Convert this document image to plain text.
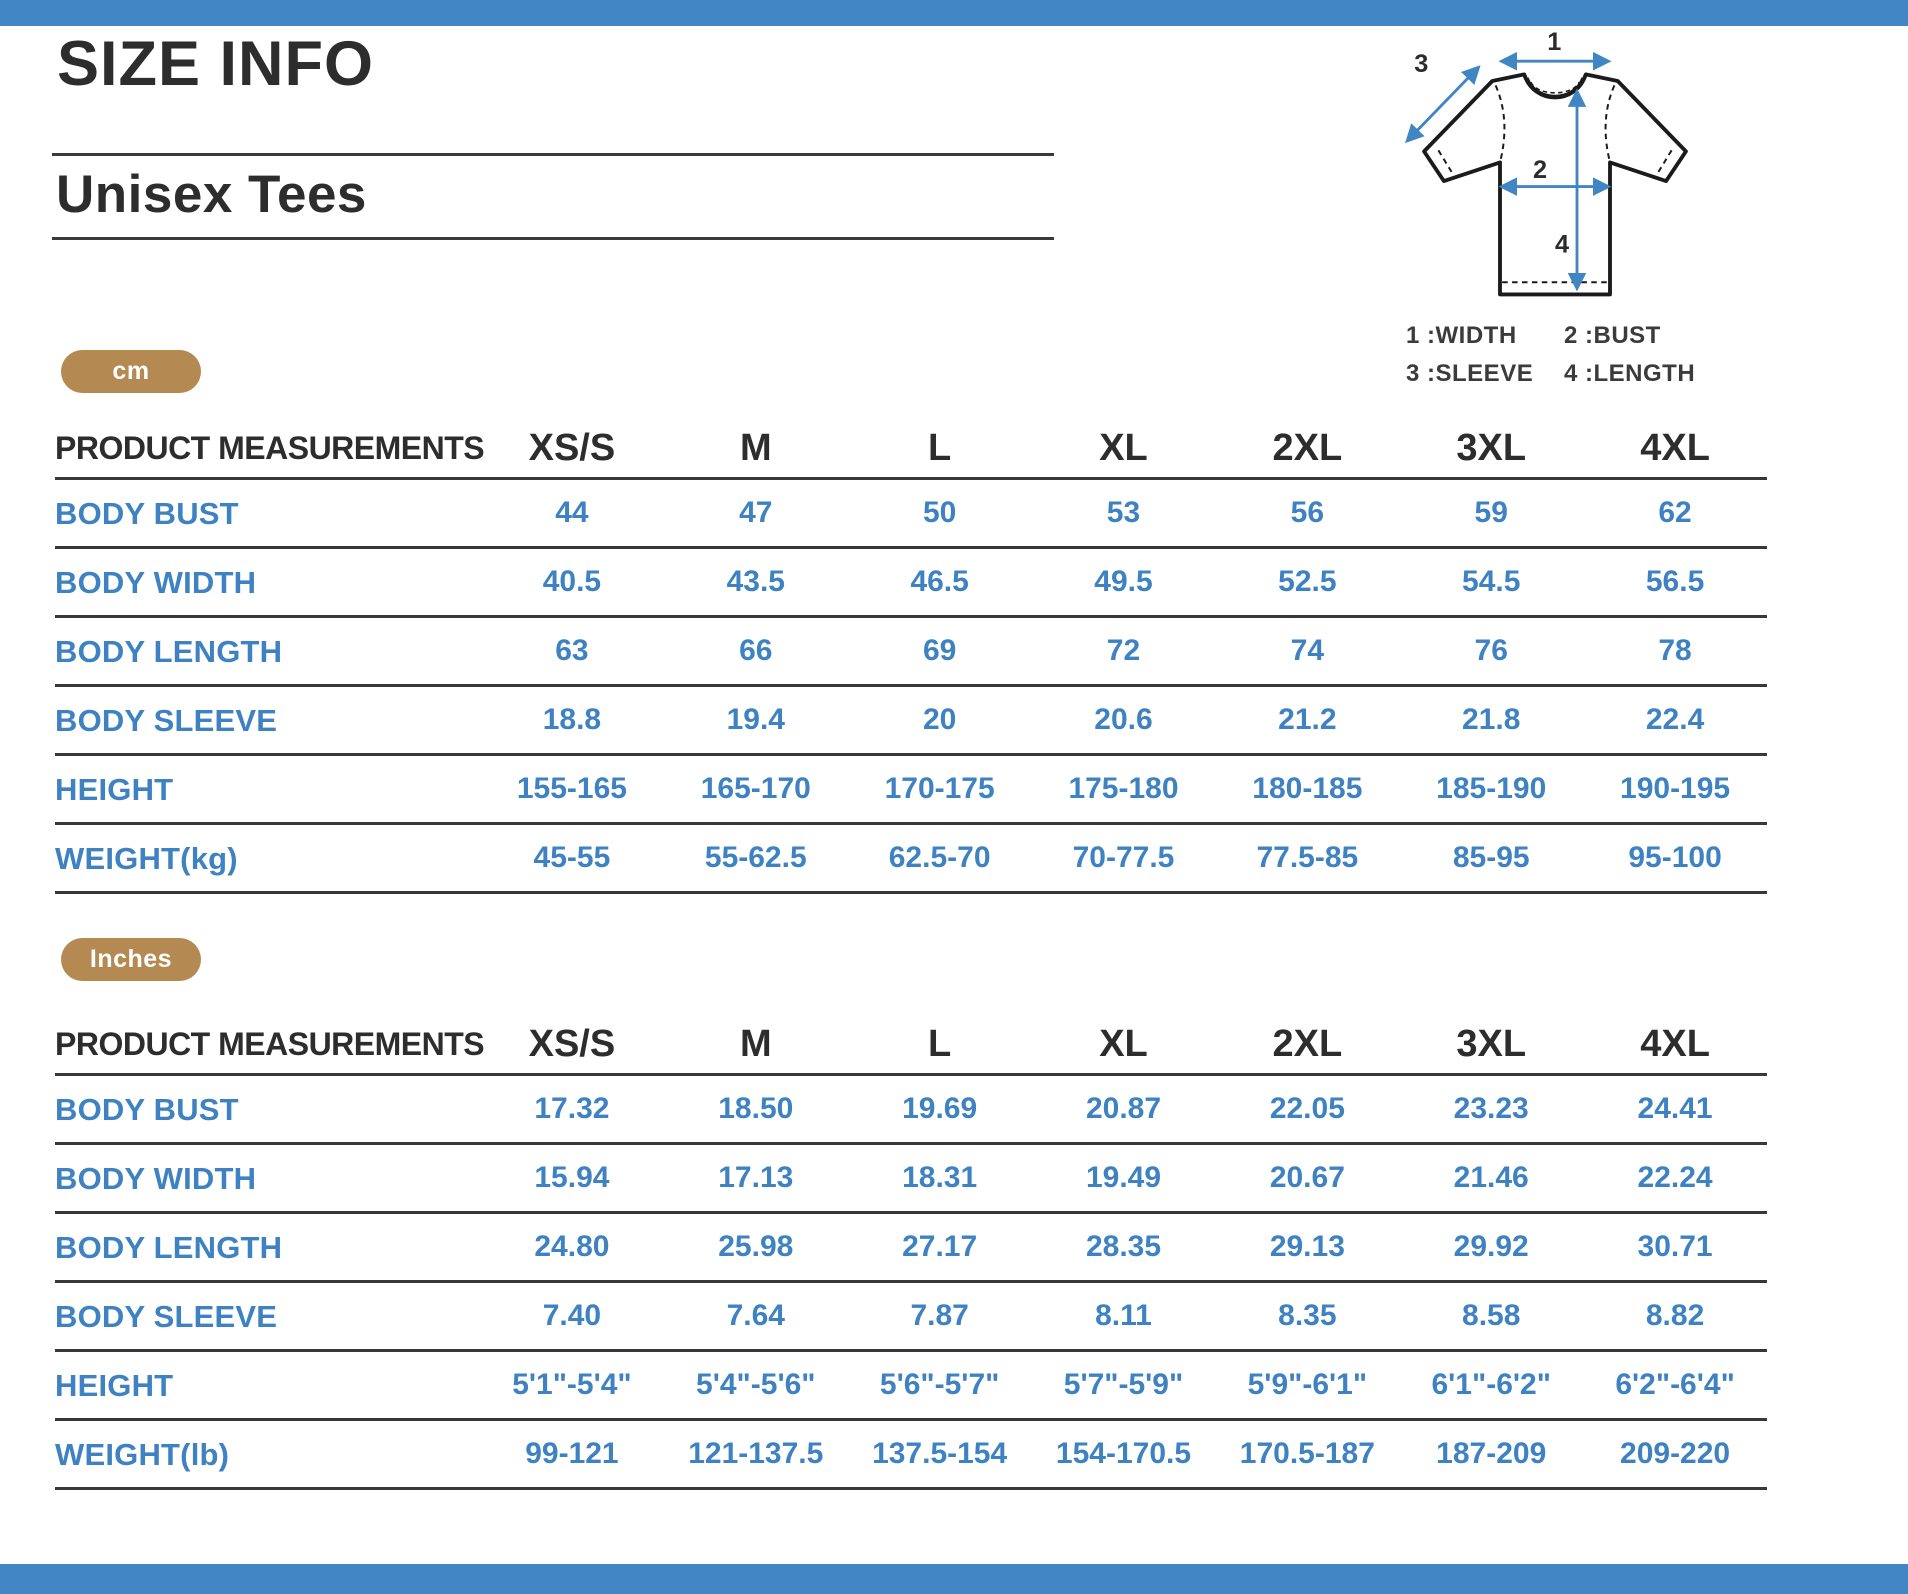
SIZE INFO
Unisex Tees
1
2
3
4
1 :WIDTH	2 :BUST
3 :SLEEVE	4 :LENGTH
cm
PRODUCT MEASUREMENTS	XS/S	M	L	XL	2XL	3XL	4XL
BODY BUST	44	47	50	53	56	59	62
BODY WIDTH	40.5	43.5	46.5	49.5	52.5	54.5	56.5
BODY LENGTH	63	66	69	72	74	76	78
BODY SLEEVE	18.8	19.4	20	20.6	21.2	21.8	22.4
HEIGHT	155-165	165-170	170-175	175-180	180-185	185-190	190-195
WEIGHT(kg)	45-55	55-62.5	62.5-70	70-77.5	77.5-85	85-95	95-100
Inches
PRODUCT MEASUREMENTS	XS/S	M	L	XL	2XL	3XL	4XL
BODY BUST	17.32	18.50	19.69	20.87	22.05	23.23	24.41
BODY WIDTH	15.94	17.13	18.31	19.49	20.67	21.46	22.24
BODY LENGTH	24.80	25.98	27.17	28.35	29.13	29.92	30.71
BODY SLEEVE	7.40	7.64	7.87	8.11	8.35	8.58	8.82
HEIGHT	5'1"-5'4"	5'4"-5'6"	5'6"-5'7"	5'7"-5'9"	5'9"-6'1"	6'1"-6'2"	6'2"-6'4"
WEIGHT(lb)	99-121	121-137.5	137.5-154	154-170.5	170.5-187	187-209	209-220
